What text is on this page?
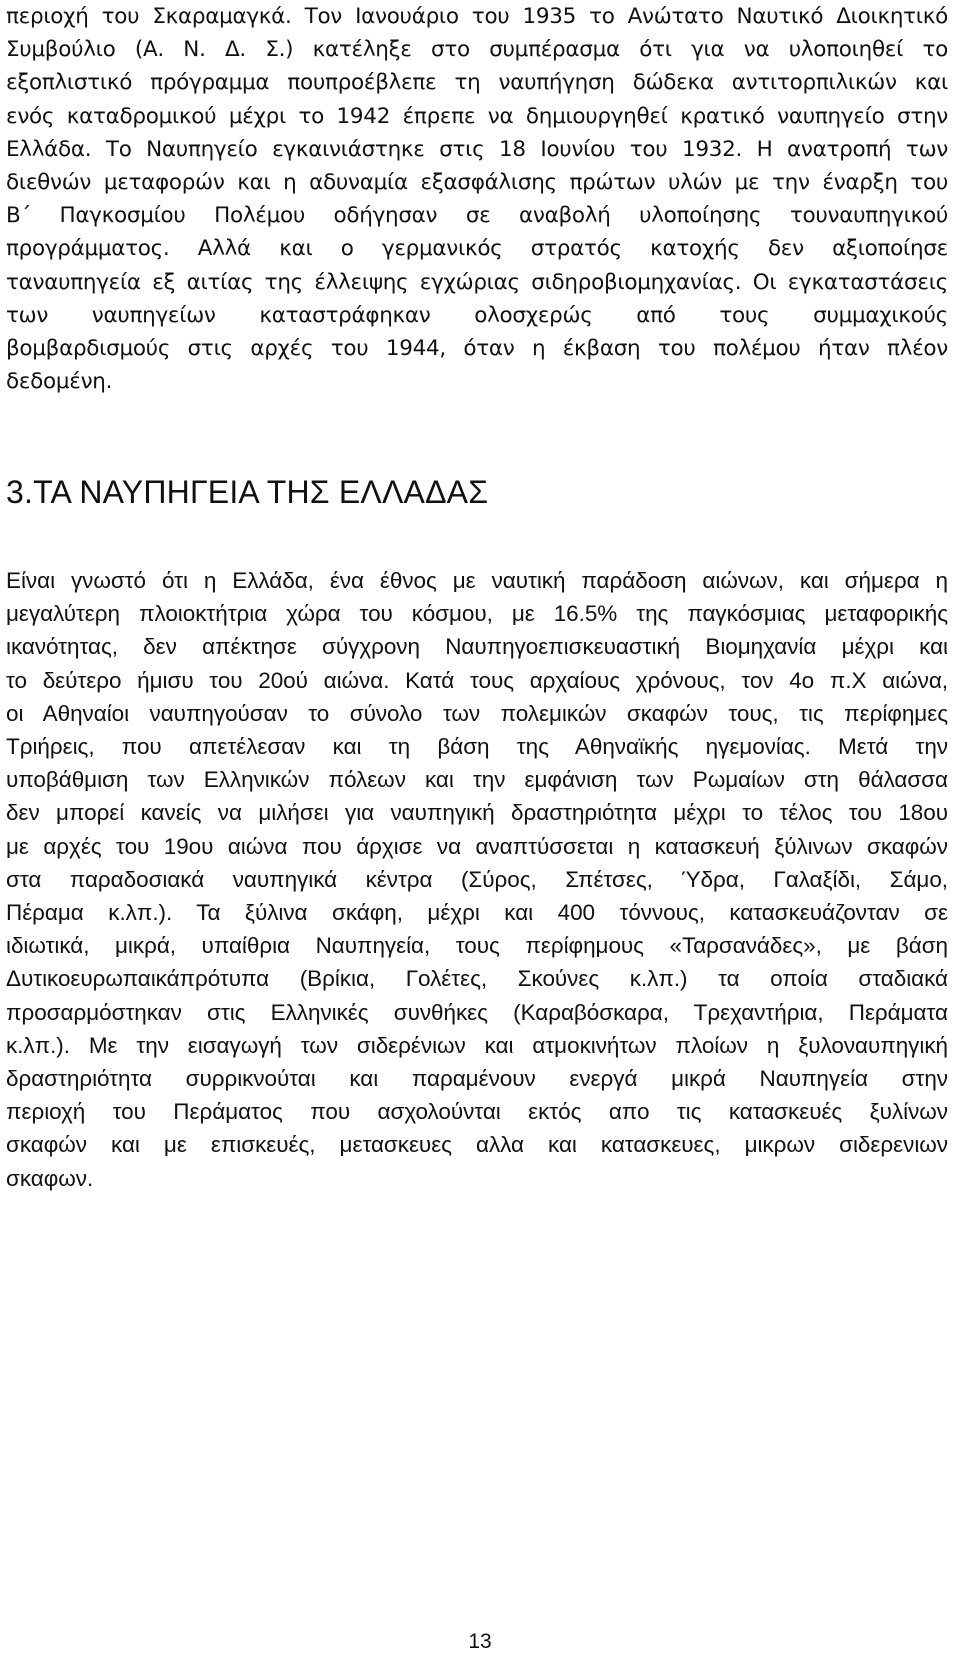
περιοχή του Σκαραμαγκά. Τον Ιανουάριο του 1935 το Ανώτατο Ναυτικό Διοικητικό
Συμβούλιο (Α. Ν. Δ. Σ.) κατέληξε στο συμπέρασμα ότι για να υλοποιηθεί το
εξοπλιστικό πρόγραμμα πουπροέβλεπε τη ναυπήγηση δώδεκα αντιτορπιλικών και
ενός καταδρομικού μέχρι το 1942 έπρεπε να δημιουργηθεί κρατικό ναυπηγείο στην
Ελλάδα. Το Ναυπηγείο εγκαινιάστηκε στις 18 Ιουνίου του 1932. Η ανατροπή των
διεθνών μεταφορών και η αδυναμία εξασφάλισης πρώτων υλών με την έναρξη του
Β΄ Παγκοσμίου Πολέμου οδήγησαν σε αναβολή υλοποίησης τουναυπηγικού
προγράμματος. Αλλά και ο γερμανικός στρατός κατοχής δεν αξιοποίησε
ταναυπηγεία εξ αιτίας της έλλειψης εγχώριας σιδηροβιομηχανίας. Οι εγκαταστάσεις
των ναυπηγείων καταστράφηκαν ολοσχερώς από τους συμμαχικούς
βομβαρδισμούς στις αρχές του 1944, όταν η έκβαση του πολέμου ήταν πλέον
δεδομένη.
3.ΤΑ ΝΑΥΠΗΓΕΙΑ ΤΗΣ ΕΛΛΑΔΑΣ
Είναι γνωστό ότι η Ελλάδα, ένα έθνος με ναυτική παράδοση αιώνων, και σήμερα η
μεγαλύτερη πλοιοκτήτρια χώρα του κόσμου, με 16.5% της παγκόσμιας μεταφορικής
ικανότητας, δεν απέκτησε σύγχρονη Ναυπηγοεπισκευαστική Βιομηχανία μέχρι και
το δεύτερο ήμισυ του 20ού αιώνα. Κατά τους αρχαίους χρόνους, τον 4ο π.Χ αιώνα,
οι Αθηναίοι ναυπηγούσαν το σύνολο των πολεμικών σκαφών τους, τις περίφημες
Τριήρεις, που απετέλεσαν και τη βάση της Αθηναϊκής ηγεμονίας. Μετά την
υποβάθμιση των Ελληνικών πόλεων και την εμφάνιση των Ρωμαίων στη θάλασσα
δεν μπορεί κανείς να μιλήσει για ναυπηγική δραστηριότητα μέχρι το τέλος του 18ου
με αρχές του 19ου αιώνα που άρχισε να αναπτύσσεται η κατασκευή ξύλινων σκαφών
στα παραδοσιακά ναυπηγικά κέντρα (Σύρος, Σπέτσες, Ύδρα, Γαλαξίδι, Σάμο,
Πέραμα κ.λπ.). Τα ξύλινα σκάφη, μέχρι και 400 τόννους, κατασκευάζονταν σε
ιδιωτικά, μικρά, υπαίθρια Ναυπηγεία, τους περίφημους «Ταρσανάδες», με βάση
Δυτικοευρωπαικάπρότυπα (Βρίκια, Γολέτες, Σκούνες κ.λπ.) τα οποία σταδιακά
προσαρμόστηκαν στις Ελληνικές συνθήκες (Καραβόσκαρα, Τρεχαντήρια, Περάματα
κ.λπ.). Με την εισαγωγή των σιδερένιων και ατμοκινήτων πλοίων η ξυλοναυπηγική
δραστηριότητα συρρικνούται και παραμένουν ενεργά μικρά Ναυπηγεία στην
περιοχή του Περάματος που ασχολούνται εκτός απο τις κατασκευές ξυλίνων
σκαφών και με επισκευές, μετασκευες αλλα και κατασκευες, μικρων σιδερενιων
σκαφων.
13
